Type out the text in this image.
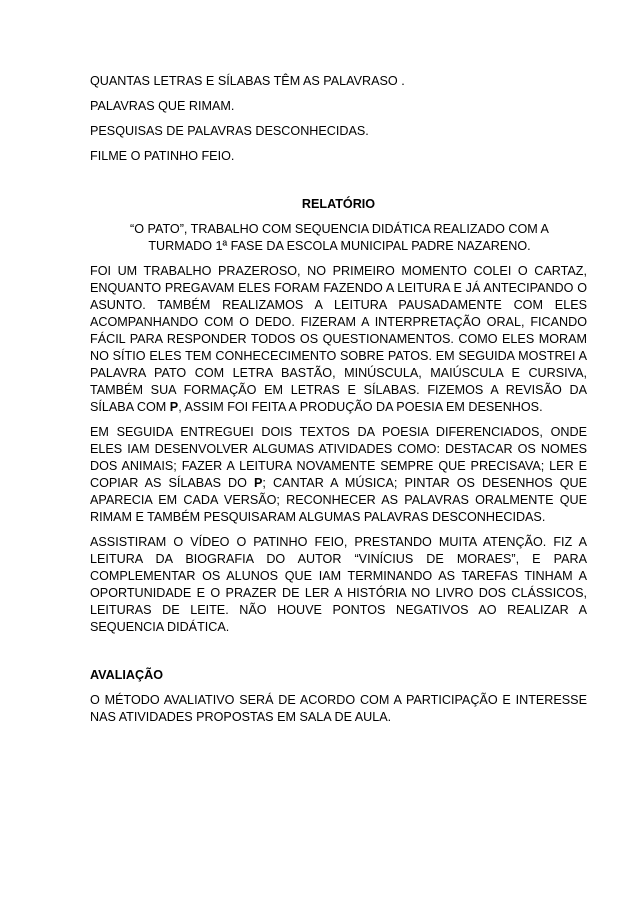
QUANTAS LETRAS E SÍLABAS TÊM AS PALAVRASO .

PALAVRAS QUE RIMAM.

PESQUISAS DE PALAVRAS DESCONHECIDAS.

FILME O PATINHO FEIO.

RELATÓRIO
“O PATO”, TRABALHO COM SEQUENCIA DIDÁTICA REALIZADO COM A
TURMADO 1ª FASE DA ESCOLA MUNICIPAL PADRE NAZARENO.

FOI UM TRABALHO PRAZEROSO, NO PRIMEIRO MOMENTO COLEI O CARTAZ, ENQUANTO PREGAVAM ELES FORAM FAZENDO A LEITURA E JÁ ANTECIPANDO O ASUNTO. TAMBÉM REALIZAMOS A LEITURA PAUSADAMENTE COM ELES ACOMPANHANDO COM O DEDO. FIZERAM A INTERPRETAÇÃO ORAL, FICANDO FÁCIL PARA RESPONDER TODOS OS QUESTIONAMENTOS. COMO ELES MORAM NO SÍTIO ELES TEM CONHECECIMENTO SOBRE PATOS. EM SEGUIDA MOSTREI A PALAVRA PATO COM LETRA BASTÃO, MINÚSCULA, MAIÚSCULA E CURSIVA, TAMBÉM SUA FORMAÇÃO EM LETRAS E SÍLABAS. FIZEMOS A REVISÃO DA SÍLABA COM P, ASSIM FOI FEITA A PRODUÇÃO DA POESIA EM DESENHOS.

EM SEGUIDA ENTREGUEI DOIS TEXTOS DA POESIA DIFERENCIADOS, ONDE ELES IAM DESENVOLVER ALGUMAS ATIVIDADES COMO: DESTACAR OS NOMES DOS ANIMAIS; FAZER A LEITURA NOVAMENTE SEMPRE QUE PRECISAVA; LER E COPIAR AS SÍLABAS DO P; CANTAR A MÚSICA; PINTAR OS DESENHOS QUE APARECIA EM CADA VERSÃO; RECONHECER AS PALAVRAS ORALMENTE QUE RIMAM E TAMBÉM PESQUISARAM ALGUMAS PALAVRAS DESCONHECIDAS.

ASSISTIRAM O VÍDEO O PATINHO FEIO, PRESTANDO MUITA ATENÇÃO. FIZ A LEITURA DA BIOGRAFIA DO AUTOR “VINÍCIUS DE MORAES”, E PARA COMPLEMENTAR OS ALUNOS QUE IAM TERMINANDO AS TAREFAS TINHAM A OPORTUNIDADE E O PRAZER DE LER A HISTÓRIA NO LIVRO DOS CLÁSSICOS, LEITURAS DE LEITE. NÃO HOUVE PONTOS NEGATIVOS AO REALIZAR A SEQUENCIA DIDÁTICA.

AVALIAÇÃO

O MÉTODO AVALIATIVO SERÁ DE ACORDO COM A PARTICIPAÇÃO E INTERESSE NAS ATIVIDADES PROPOSTAS EM SALA DE AULA.
